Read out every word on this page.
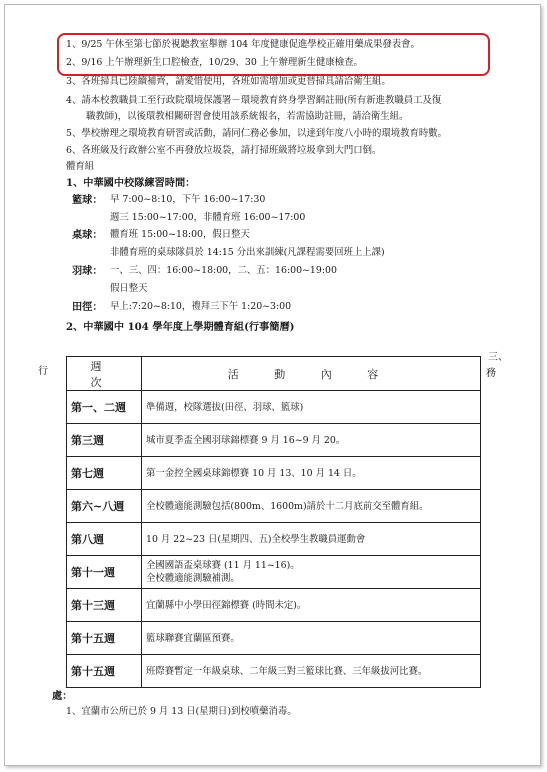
1、9/25 午休至第七節於視聽教室舉辦 104 年度健康促進學校正確用藥成果發表會。
2、9/16 上午辦理新生口腔檢查，10/29、30 上午辦理新生健康檢查。
3、各班掃具已陸續補齊，請愛惜使用，各班如需增加或更替掃具請洽衛生組。
4、請本校教職員工至行政院環境保護署－環境教育終身學習網註冊(所有新進教職員工及復
職教師)，以後環教相關研習會使用該系統報名，若需協助註冊，請洽衛生組。
5、學校辦理之環境教育研習或活動，請同仁務必參加，以達到年度八小時的環境教育時數。
6、各班級及行政辦公室不再發放垃圾袋，請打掃班級將垃圾拿到大門口倒。
體育組
1、中華國中校隊練習時間：
籃球： 早 7:00~8:10，下午 16:00~17:30
週三 15:00~17:00，非體育班 16:00~17:00
桌球： 體育班 15:00~18:00，假日整天
非體育班的桌球隊員於 14:15 分出來訓練(凡課程需要回班上上課)
羽球： 一、三、四：16:00~18:00，二、五：16:00~19:00
假日整天
田徑： 早上:7:20~8:10，禮拜三下午 1:20~3:00
2、中華國中 104 學年度上學期體育組(行事簡曆)
行
三、
務
週 次	活 動 內 容
第一、二週	準備週，校隊選拔(田徑、羽球、籃球)
第三週	城市夏季盃全國羽球錦標賽 9 月 16~9 月 20。
第七週	第一金控全國桌球錦標賽 10 月 13、10 月 14 日。
第六~八週	全校體適能測驗包括(800m、1600m)請於十二月底前交至體育組。
第八週	10 月 22~23 日(星期四、五)全校學生教職員運動會
第十一週	全國國語盃桌球賽 (11 月 11~16)。
全校體適能測驗補測。
第十三週	宜蘭縣中小學田徑錦標賽 (時間未定)。
第十五週	籃球聯賽宜蘭區預賽。
第十五週	班際賽暫定一年級桌球、二年級三對三籃球比賽、三年級拔河比賽。
處：
1、宜蘭市公所已於 9 月 13 日(星期日)到校噴藥消毒。
